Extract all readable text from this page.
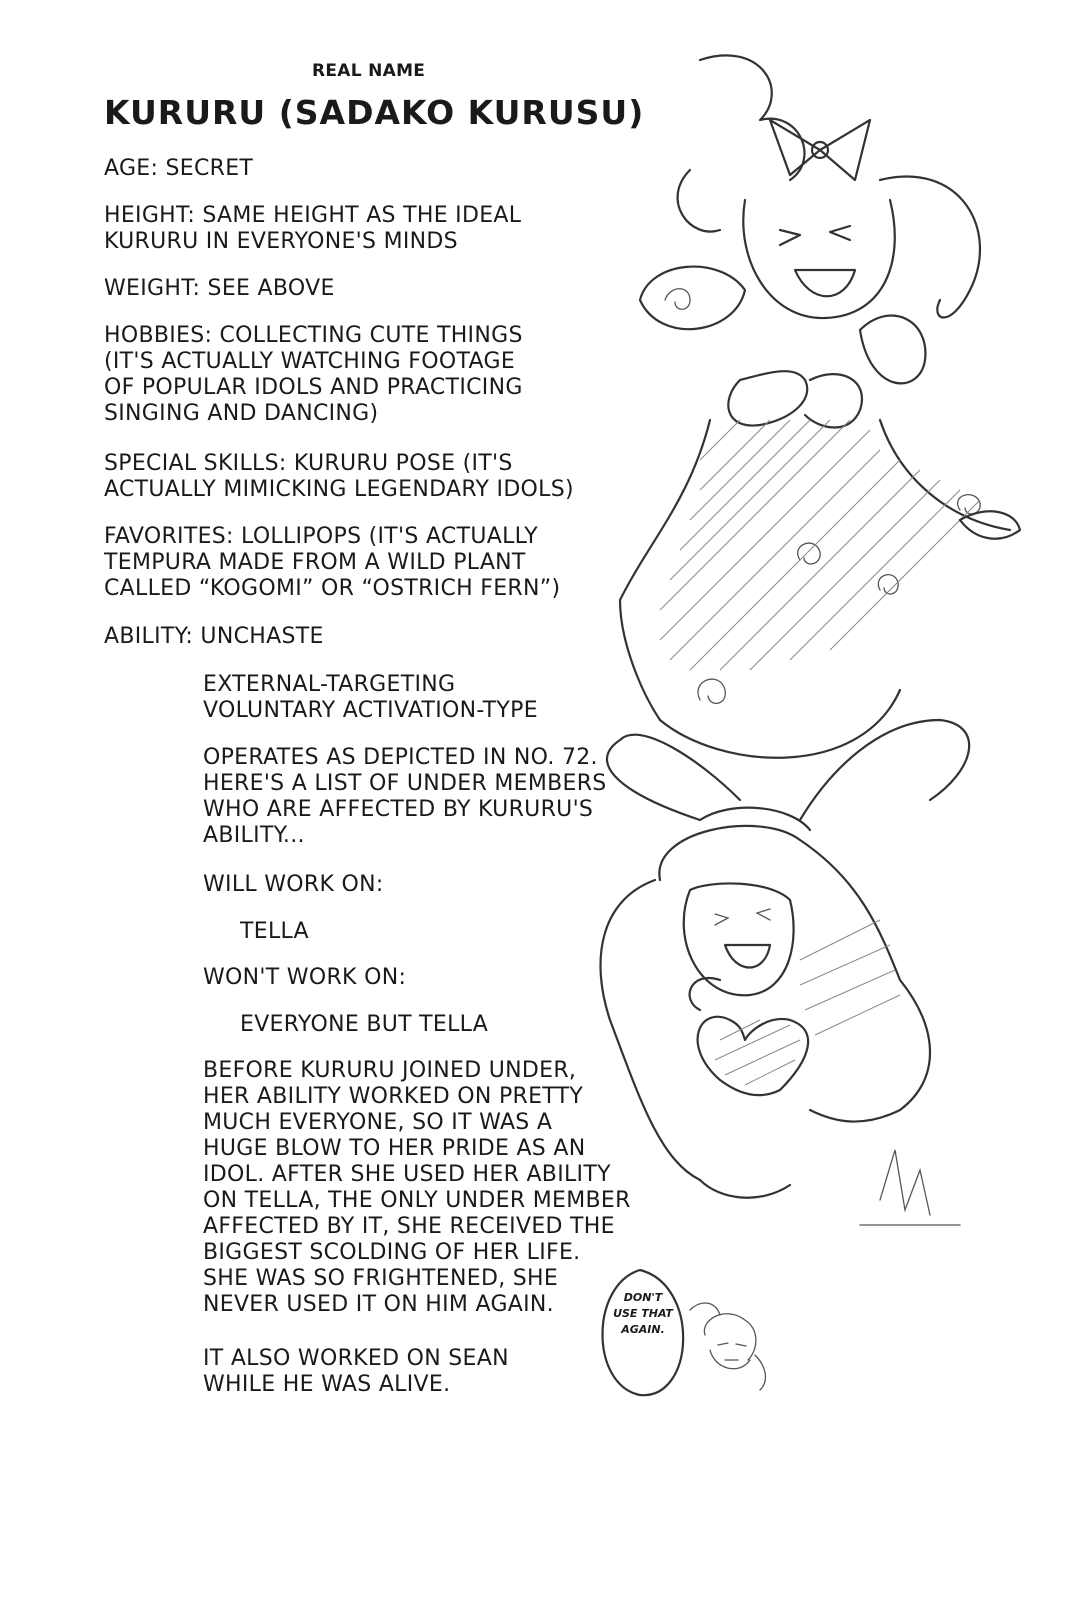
REAL NAME

KURURU (SADAKO KURUSU)

AGE: SECRET

HEIGHT: SAME HEIGHT AS THE IDEAL
KURURU IN EVERYONE'S MINDS

WEIGHT: SEE ABOVE

HOBBIES: COLLECTING CUTE THINGS
(IT'S ACTUALLY WATCHING FOOTAGE
OF POPULAR IDOLS AND PRACTICING
SINGING AND DANCING)

SPECIAL SKILLS: KURURU POSE (IT'S
ACTUALLY MIMICKING LEGENDARY IDOLS)

FAVORITES: LOLLIPOPS (IT'S ACTUALLY
TEMPURA MADE FROM A WILD PLANT
CALLED “KOGOMI” OR “OSTRICH FERN”)

ABILITY: UNCHASTE

EXTERNAL-TARGETING
VOLUNTARY ACTIVATION-TYPE

OPERATES AS DEPICTED IN NO. 72.
HERE'S A LIST OF UNDER MEMBERS
WHO ARE AFFECTED BY KURURU'S
ABILITY...

WILL WORK ON:

TELLA

WON'T WORK ON:

EVERYONE BUT TELLA

BEFORE KURURU JOINED UNDER,
HER ABILITY WORKED ON PRETTY
MUCH EVERYONE, SO IT WAS A
HUGE BLOW TO HER PRIDE AS AN
IDOL. AFTER SHE USED HER ABILITY
ON TELLA, THE ONLY UNDER MEMBER
AFFECTED BY IT, SHE RECEIVED THE
BIGGEST SCOLDING OF HER LIFE.
SHE WAS SO FRIGHTENED, SHE
NEVER USED IT ON HIM AGAIN.

IT ALSO WORKED ON SEAN
WHILE HE WAS ALIVE.

DON'T
USE THAT
AGAIN.
